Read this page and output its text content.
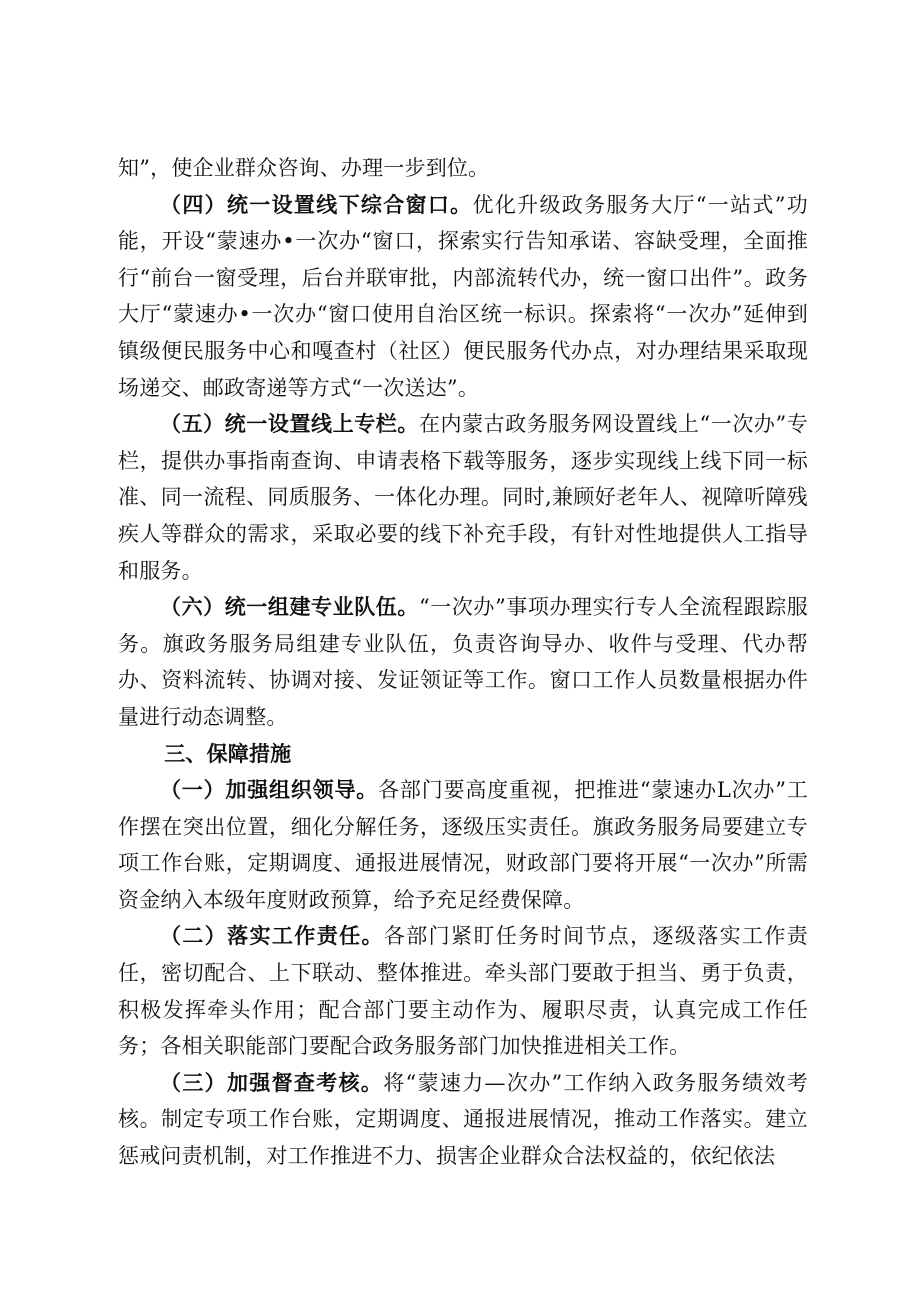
知”，使企业群众咨询、办理一步到位。

（四）统一设置线下综合窗口。优化升级政务服务大厅“一站式”功能，开设“蒙速办•一次办“窗口，探索实行告知承诺、容缺受理，全面推行“前台一窗受理，后台并联审批，内部流转代办，统一窗口出件”。政务大厅“蒙速办•一次办“窗口使用自治区统一标识。探索将“一次办”延伸到镇级便民服务中心和嘎查村（社区）便民服务代办点，对办理结果采取现场递交、邮政寄递等方式“一次送达”。

（五）统一设置线上专栏。在内蒙古政务服务网设置线上“一次办”专栏，提供办事指南查询、申请表格下载等服务，逐步实现线上线下同一标准、同一流程、同质服务、一体化办理。同时,兼顾好老年人、视障听障残疾人等群众的需求，采取必要的线下补充手段，有针对性地提供人工指导和服务。

（六）统一组建专业队伍。“一次办”事项办理实行专人全流程跟踪服务。旗政务服务局组建专业队伍，负责咨询导办、收件与受理、代办帮办、资料流转、协调对接、发证领证等工作。窗口工作人员数量根据办件量进行动态调整。

三、保障措施

（一）加强组织领导。各部门要高度重视，把推进“蒙速办L次办”工作摆在突出位置，细化分解任务，逐级压实责任。旗政务服务局要建立专项工作台账，定期调度、通报进展情况，财政部门要将开展“一次办”所需资金纳入本级年度财政预算，给予充足经费保障。

（二）落实工作责任。各部门紧盯任务时间节点，逐级落实工作责任，密切配合、上下联动、整体推进。牵头部门要敢于担当、勇于负责，积极发挥牵头作用；配合部门要主动作为、履职尽责，认真完成工作任务；各相关职能部门要配合政务服务部门加快推进相关工作。

（三）加强督查考核。将“蒙速力—次办”工作纳入政务服务绩效考核。制定专项工作台账，定期调度、通报进展情况，推动工作落实。建立惩戒问责机制，对工作推进不力、损害企业群众合法权益的，依纪依法
